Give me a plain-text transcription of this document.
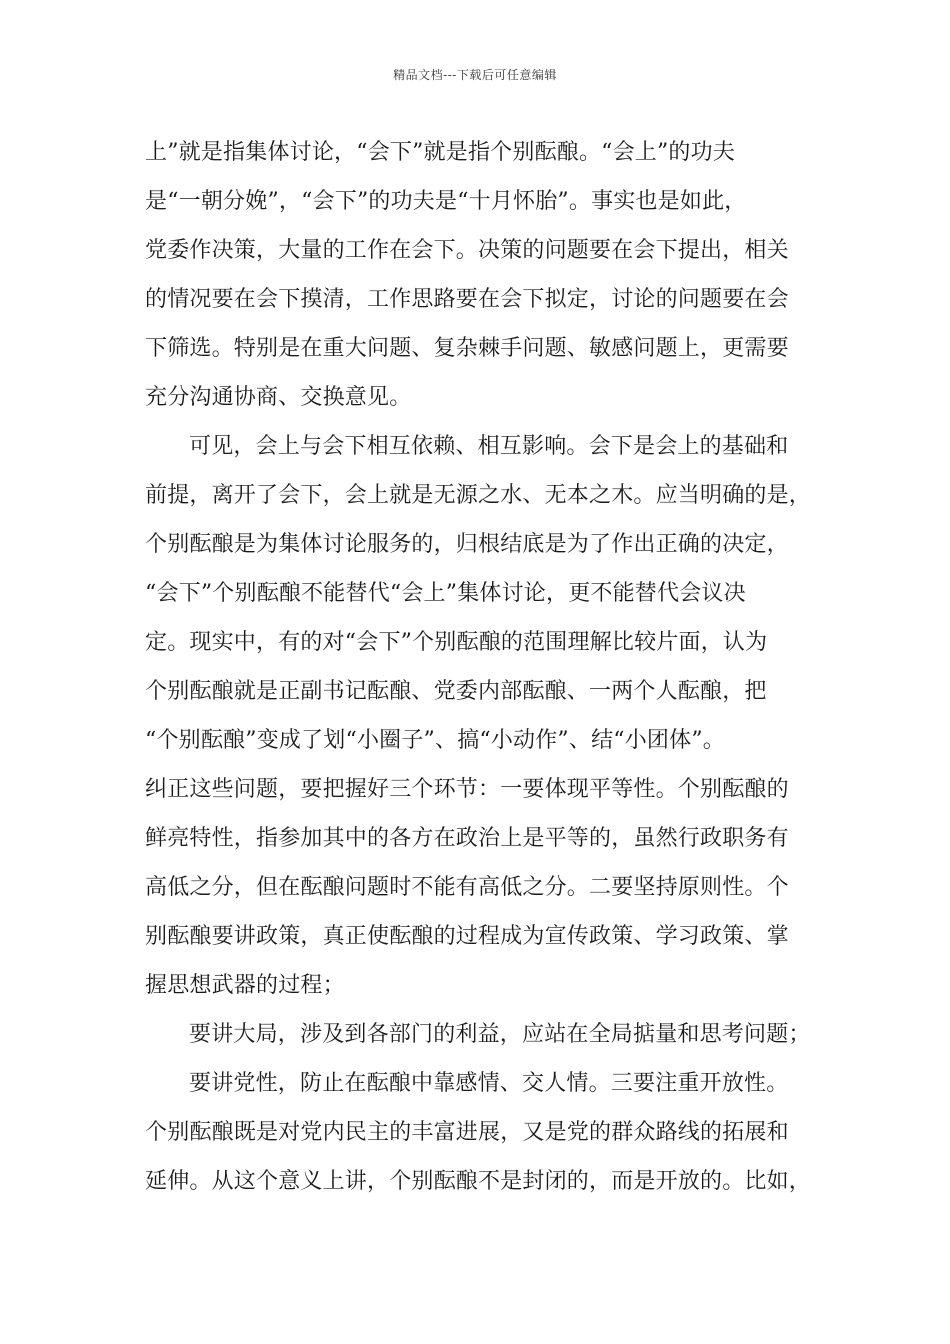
精品文档---下载后可任意编辑
上”就是指集体讨论，“会下”就是指个别酝酿。“会上”的功夫
是“一朝分娩”，“会下”的功夫是“十月怀胎”。事实也是如此，
党委作决策，大量的工作在会下。决策的问题要在会下提出，相关
的情况要在会下摸清，工作思路要在会下拟定，讨论的问题要在会
下筛选。特别是在重大问题、复杂棘手问题、敏感问题上，更需要
充分沟通协商、交换意见。
可见，会上与会下相互依赖、相互影响。会下是会上的基础和
前提，离开了会下，会上就是无源之水、无本之木。应当明确的是，
个别酝酿是为集体讨论服务的，归根结底是为了作出正确的决定，
“会下”个别酝酿不能替代“会上”集体讨论，更不能替代会议决
定。现实中，有的对“会下”个别酝酿的范围理解比较片面，认为
个别酝酿就是正副书记酝酿、党委内部酝酿、一两个人酝酿，把
“个别酝酿”变成了划“小圈子”、搞“小动作”、结“小团体”。
纠正这些问题，要把握好三个环节：一要体现平等性。个别酝酿的
鲜亮特性，指参加其中的各方在政治上是平等的，虽然行政职务有
高低之分，但在酝酿问题时不能有高低之分。二要坚持原则性。个
别酝酿要讲政策，真正使酝酿的过程成为宣传政策、学习政策、掌
握思想武器的过程；
要讲大局，涉及到各部门的利益，应站在全局掂量和思考问题；
要讲党性，防止在酝酿中靠感情、交人情。三要注重开放性。
个别酝酿既是对党内民主的丰富进展，又是党的群众路线的拓展和
延伸。从这个意义上讲，个别酝酿不是封闭的，而是开放的。比如，
